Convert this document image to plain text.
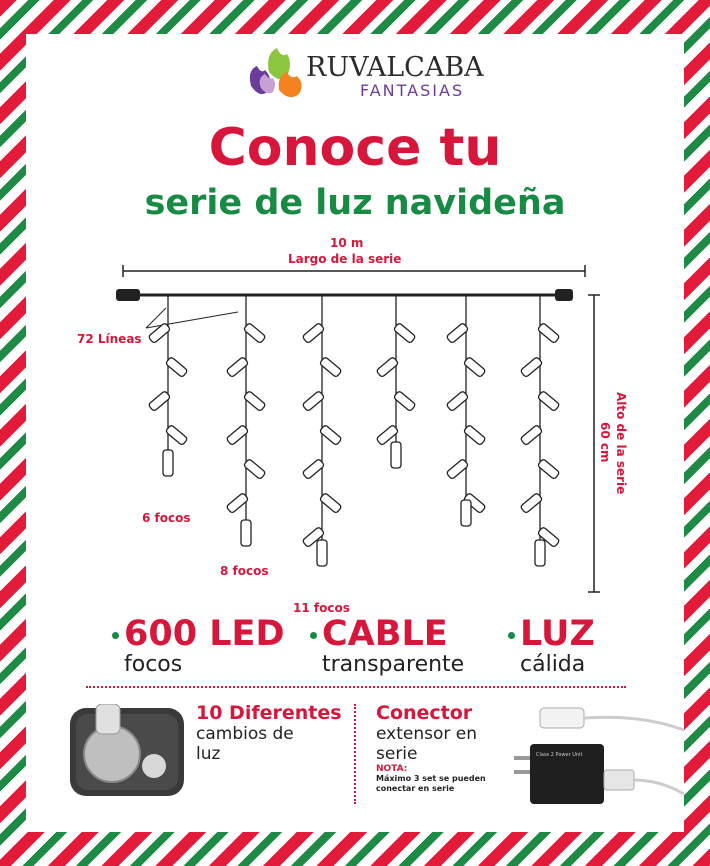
RUVALCABA
FANTASIAS
Conoce tu
serie de luz navideña
10 m
Largo de la serie
72 Líneas
6 focos
8 focos
11 focos
60 cm Alto de la serie
600 LED
focos
CABLE
transparente
LUZ
cálida
10 Diferentes
cambios de
luz
Conector
extensor en
serie
NOTA:
Máximo 3 set se pueden
conectar en serie
Class 2 Power Unit
